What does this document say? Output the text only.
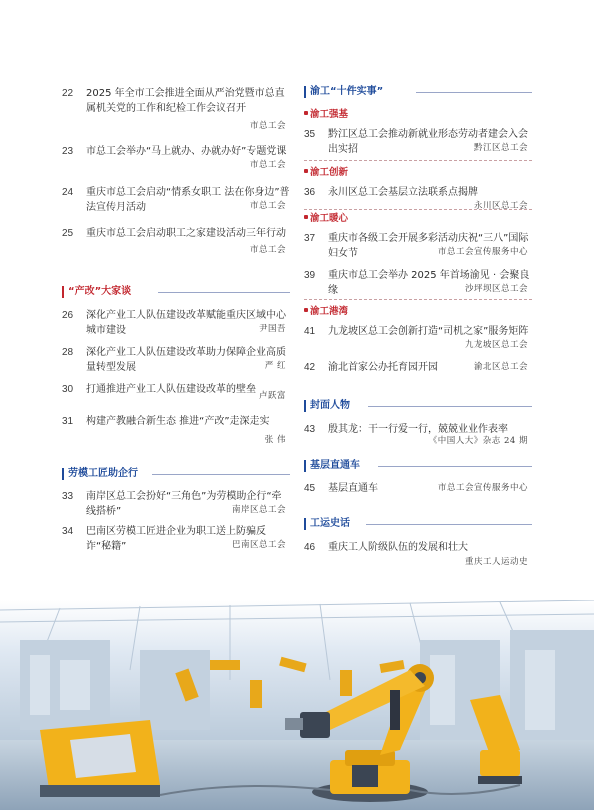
22 2025 年全市工会推进全面从严治党暨市总直属机关党的工作和纪检工作会议召开
市总工会
23 市总工会举办“马上就办、办就办好”专题党课
市总工会
24 重庆市总工会启动“情系女职工 法在你身边”普法宣传月活动	市总工会
25 重庆市总工会启动职工之家建设活动三年行动
市总工会
“产改”大家谈
26 深化产业工人队伍建设改革赋能重庆区域中心城市建设	尹国吾
28 深化产业工人队伍建设改革助力保障企业高质量转型发展	严 红
30 打通推进产业工人队伍建设改革的壁垒
卢跃富
31 构建产教融合新生态 推进“产改”走深走实
张 伟
劳模工匠助企行
33 南岸区总工会扮好“三角色”为劳模助企行“牵线搭桥”	南岸区总工会
34 巴南区劳模工匠进企业为职工送上防骗反诈“秘籍”	巴南区总工会
渝工“十件实事”
渝工强基
35 黔江区总工会推动新就业形态劳动者建会入会出实招	黔江区总工会
渝工创新
36 永川区总工会基层立法联系点揭牌
永川区总工会
渝工暖心
37 重庆市各级工会开展多彩活动庆祝“三八”国际妇女节	市总工会宣传服务中心
39 重庆市总工会举办 2025 年首场渝见 · 会聚良缘	沙坪坝区总工会
渝工港湾
41 九龙坡区总工会创新打造“司机之家”服务矩阵
九龙坡区总工会
42 渝北首家公办托育园开园	渝北区总工会
封面人物
43 殷其龙：干一行爱一行，兢兢业业作表率
《中国人大》杂志 24 期
基层直通车
45 基层直通车	市总工会宣传服务中心
工运史话
46 重庆工人阶级队伍的发展和壮大
重庆工人运动史
